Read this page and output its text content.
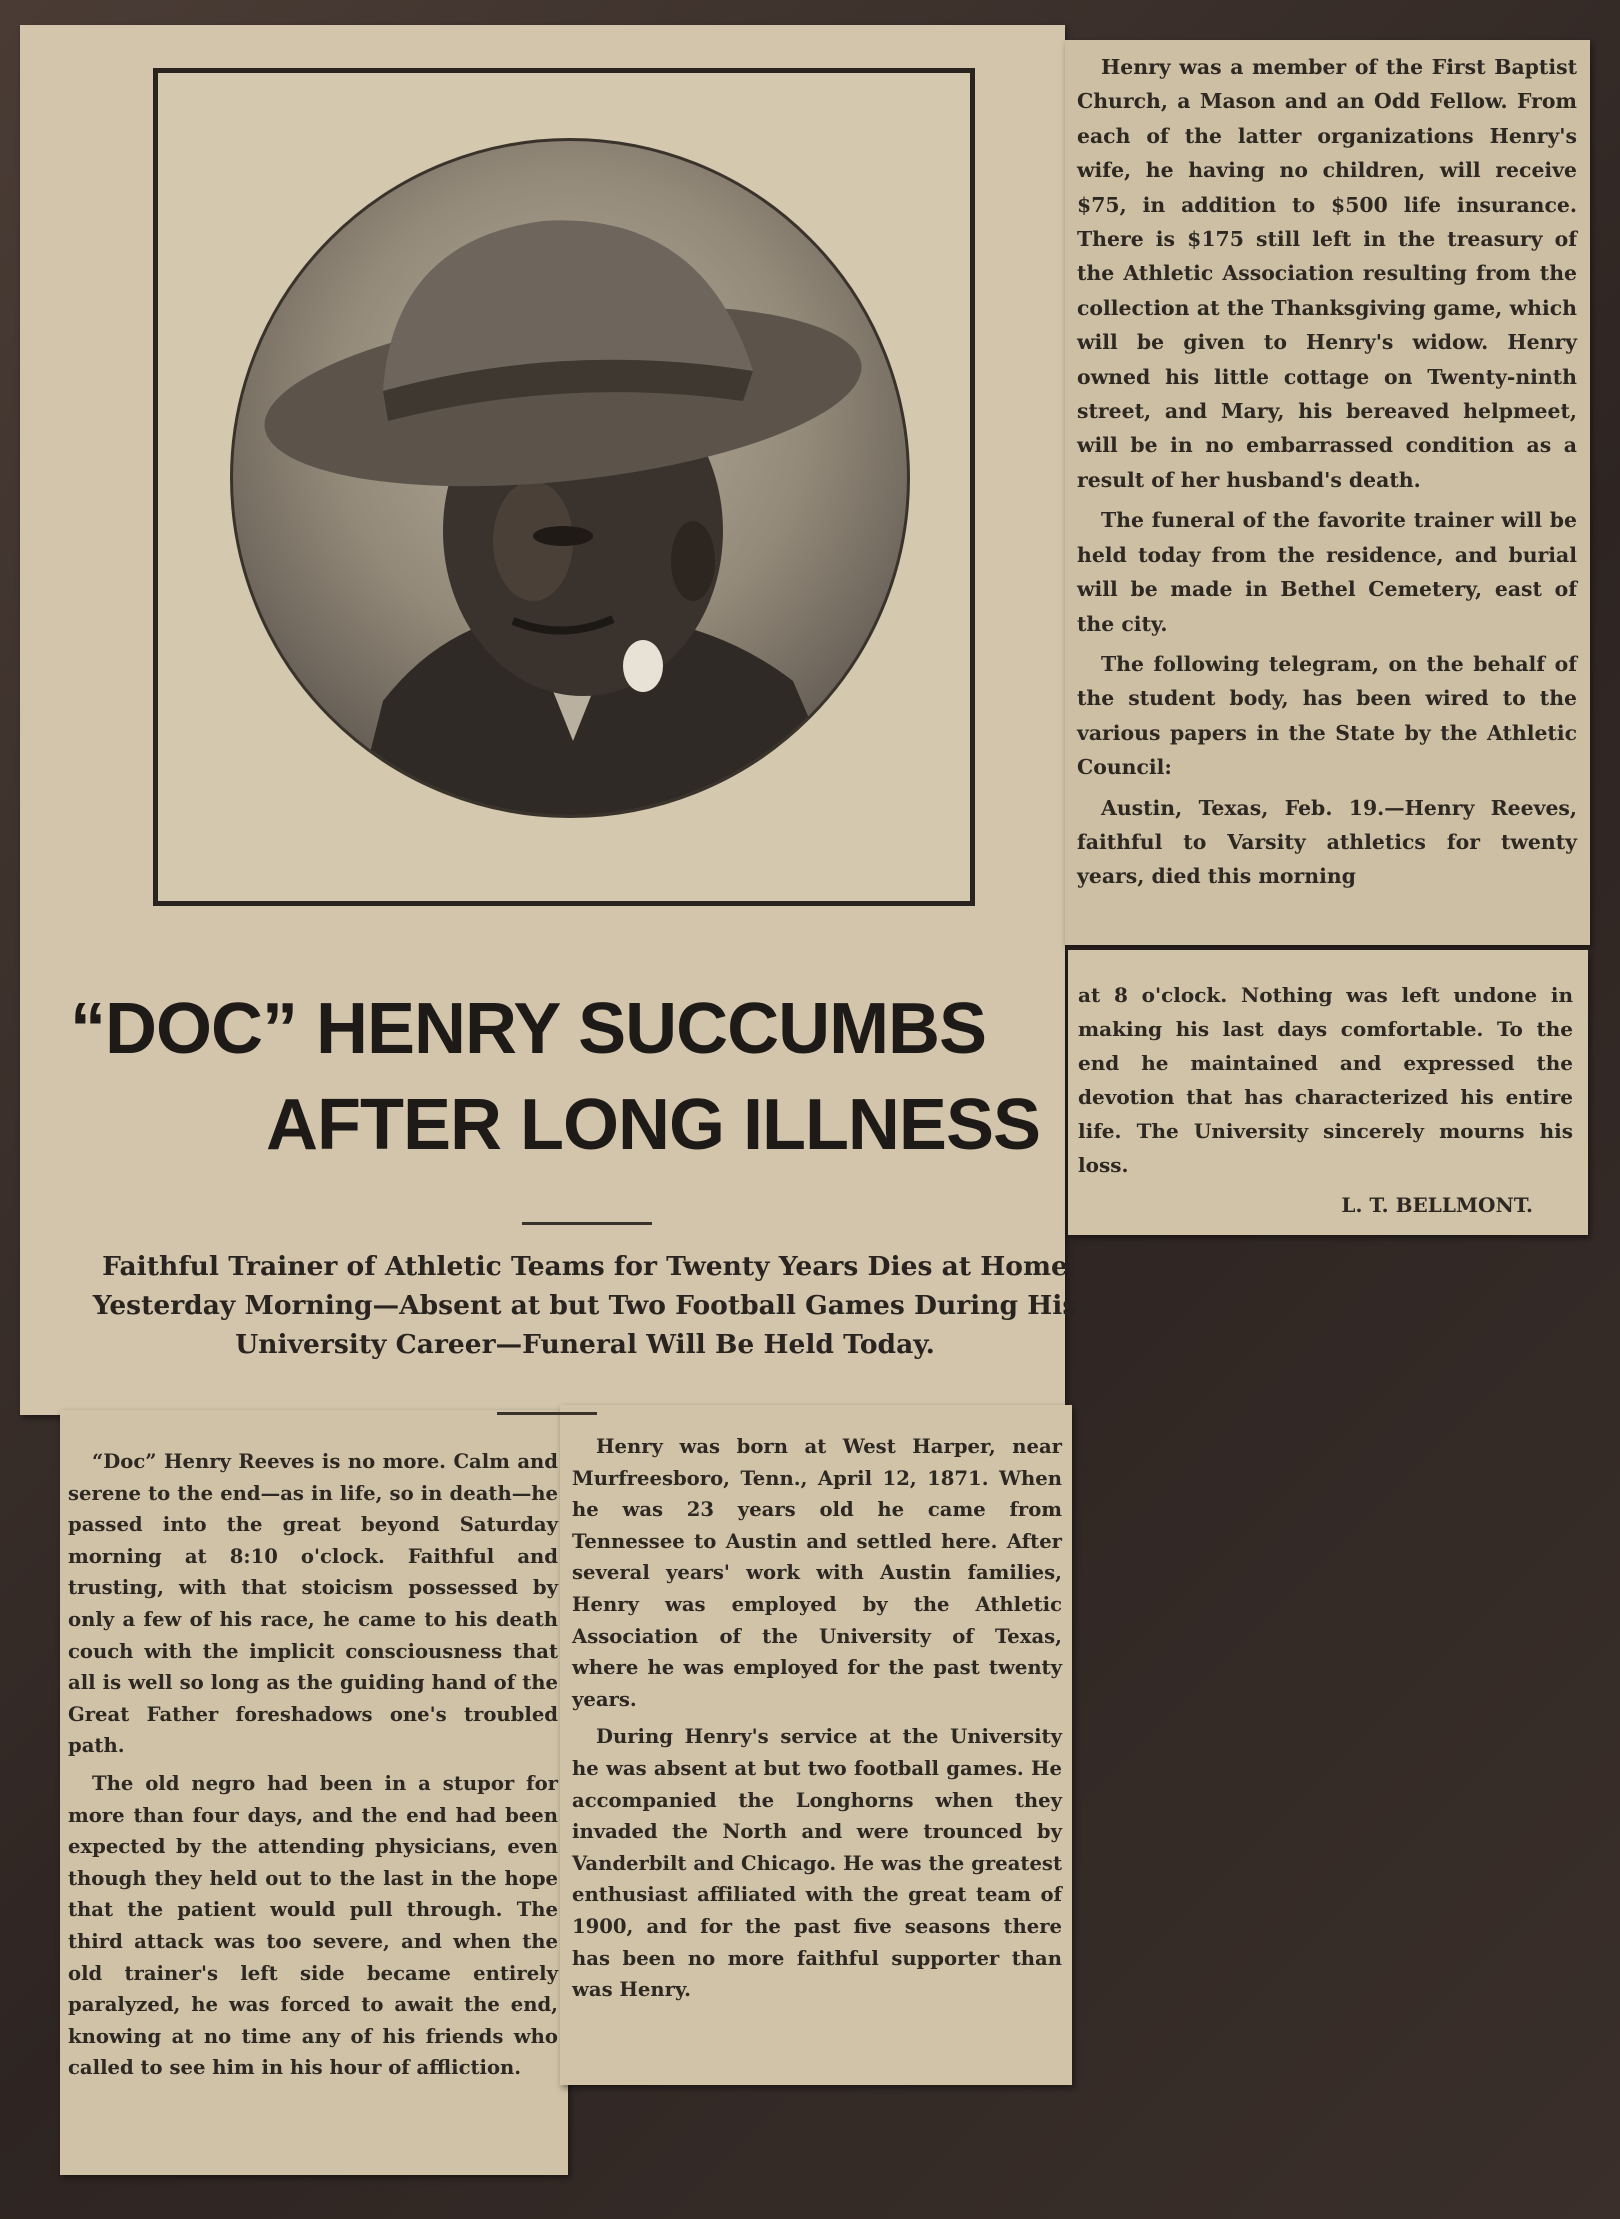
“DOC” HENRY SUCCUMBS
AFTER LONG ILLNESS
Faithful Trainer of Athletic Teams for Twenty Years Dies at Home Yesterday Morning—Absent at but Two Football Games During His University Career—Funeral Will Be Held Today.

Henry was a member of the First Baptist Church, a Mason and an Odd Fellow. From each of the latter organizations Henry's wife, he having no children, will receive $75, in addition to $500 life insurance. There is $175 still left in the treasury of the Athletic Association resulting from the collection at the Thanksgiving game, which will be given to Henry's widow. Henry owned his little cottage on Twenty-ninth street, and Mary, his bereaved helpmeet, will be in no embarrassed condition as a result of her husband's death.

The funeral of the favorite trainer will be held today from the residence, and burial will be made in Bethel Cemetery, east of the city.

The following telegram, on the behalf of the student body, has been wired to the various papers in the State by the Athletic Council:

Austin, Texas, Feb. 19.—Henry Reeves, faithful to Varsity athletics for twenty years, died this morning

at 8 o'clock. Nothing was left undone in making his last days comfortable. To the end he maintained and expressed the devotion that has characterized his entire life. The University sincerely mourns his loss.

L. T. BELLMONT.

“Doc” Henry Reeves is no more. Calm and serene to the end—as in life, so in death—he passed into the great beyond Saturday morning at 8:10 o'clock. Faithful and trusting, with that stoicism possessed by only a few of his race, he came to his death couch with the implicit consciousness that all is well so long as the guiding hand of the Great Father foreshadows one's troubled path.

The old negro had been in a stupor for more than four days, and the end had been expected by the attending physicians, even though they held out to the last in the hope that the patient would pull through. The third attack was too severe, and when the old trainer's left side became entirely paralyzed, he was forced to await the end, knowing at no time any of his friends who called to see him in his hour of affliction.

Henry was born at West Harper, near Murfreesboro, Tenn., April 12, 1871. When he was 23 years old he came from Tennessee to Austin and settled here. After several years' work with Austin families, Henry was employed by the Athletic Association of the University of Texas, where he was employed for the past twenty years.

During Henry's service at the University he was absent at but two football games. He accompanied the Longhorns when they invaded the North and were trounced by Vanderbilt and Chicago. He was the greatest enthusiast affiliated with the great team of 1900, and for the past five seasons there has been no more faithful supporter than was Henry.
